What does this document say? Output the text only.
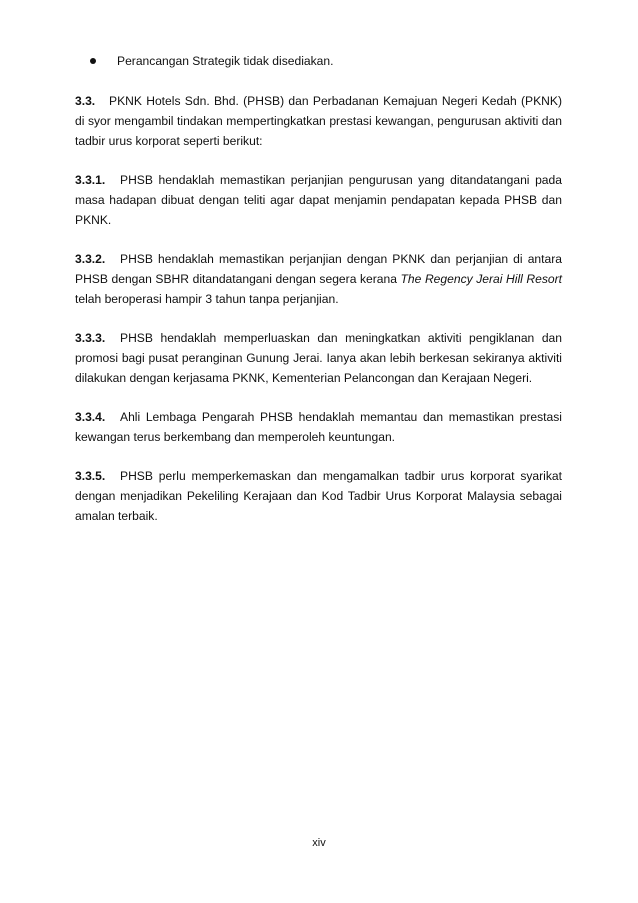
Perancangan Strategik tidak disediakan.

3.3. PKNK Hotels Sdn. Bhd. (PHSB) dan Perbadanan Kemajuan Negeri Kedah (PKNK) di syor mengambil tindakan mempertingkatkan prestasi kewangan, pengurusan aktiviti dan tadbir urus korporat seperti berikut:

3.3.1. PHSB hendaklah memastikan perjanjian pengurusan yang ditandatangani pada masa hadapan dibuat dengan teliti agar dapat menjamin pendapatan kepada PHSB dan PKNK.

3.3.2. PHSB hendaklah memastikan perjanjian dengan PKNK dan perjanjian di antara PHSB dengan SBHR ditandatangani dengan segera kerana The Regency Jerai Hill Resort telah beroperasi hampir 3 tahun tanpa perjanjian.

3.3.3. PHSB hendaklah memperluaskan dan meningkatkan aktiviti pengiklanan dan promosi bagi pusat peranginan Gunung Jerai. Ianya akan lebih berkesan sekiranya aktiviti dilakukan dengan kerjasama PKNK, Kementerian Pelancongan dan Kerajaan Negeri.

3.3.4. Ahli Lembaga Pengarah PHSB hendaklah memantau dan memastikan prestasi kewangan terus berkembang dan memperoleh keuntungan.

3.3.5. PHSB perlu memperkemaskan dan mengamalkan tadbir urus korporat syarikat dengan menjadikan Pekeliling Kerajaan dan Kod Tadbir Urus Korporat Malaysia sebagai amalan terbaik.

xiv
